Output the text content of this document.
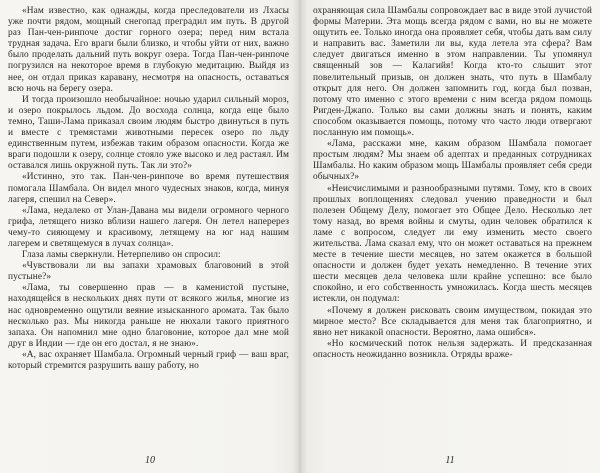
«Нам известно, как однажды, когда преследователи из Лхасы уже почти рядом, мощный снегопад преградил им путь. В другой раз Пан-чен-ринпоче достиг горного озера; перед ним встала трудная задача. Его враги были близко, и чтобы уйти от них, важно было проделать дальний путь вокруг озера. Тогда Пан-чен-ринпоче погрузился на некоторое время в глубокую медитацию. Выйдя из нее, он отдал приказ каравану, несмотря на опасность, оставаться всю ночь на берегу озера.

И тогда произошло необычайное: ночью ударил сильный мороз, и озеро покрылось льдом. До восхода солнца, когда еще было темно, Таши-Лама приказал своим людям быстро двинуться в путь и вместе с тремястами животными пересек озеро по льду единственным путем, избежав таким образом опасности. Когда же враги подошли к озеру, солнце стояло уже высоко и лед растаял. Им оставался лишь окружной путь. Так ли это?»

«Истинно, это так. Пан-чен-ринпоче во время путешествия помогала Шамбала. Он видел много чудесных знаков, когда, минуя лагеря, спешил на Север».

«Лама, недалеко от Улан-Давана мы видели огромного черного грифа, летящего низко вблизи нашего лагеря. Он летел наперерез чему-то сияющему и красивому, летящему на юг над нашим лагерем и светящемуся в лучах солнца».

Глаза ламы сверкнули. Нетерпеливо он спросил:

«Чувствовали ли вы запахи храмовых благовоний в этой пустыне?»

«Лама, ты совершенно прав — в каменистой пустыне, находящейся в нескольких днях пути от всякого жилья, многие из нас одновременно ощутили веяние изысканного аромата. Так было несколько раз. Мы никогда раньше не нюхали такого приятного запаха. Он напомнил мне одно благовоние, которое дал мне мой друг в Индии — где он его достал, я не знаю».

«А, вас охраняет Шамбала. Огромный черный гриф — ваш враг, который стремится разрушить вашу работу, но

10

охраняющая сила Шамбалы сопровождает вас в виде этой лучистой формы Материи. Эта мощь всегда рядом с вами, но вы не можете ощутить ее. Только иногда она проявляет себя, чтобы дать вам силу и направить вас. Заметили ли вы, куда летела эта сфера? Вам следует двигаться именно в этом направлении. Ты упомянул священный зов — Калагийя! Когда кто-то слышит этот повелительный призыв, он должен знать, что путь в Шамбалу открыт для него. Он должен запомнить год, когда был позван, потому что именно с этого времени с ним всегда рядом помощь Ригден-Джапо. Только вы сами должны знать и понять, каким способом оказывается помощь, потому что часто люди отвергают посланную им помощь».

«Лама, расскажи мне, каким образом Шамбала помогает простым людям? Мы знаем об адептах и преданных сотрудниках Шамбалы. Но каким образом мощь Шамбалы проявляет себя среди обычных?»

«Неисчислимыми и разнообразными путями. Тому, кто в своих прошлых воплощениях следовал учению праведности и был полезен Общему Делу, помогает это Общее Дело. Несколько лет тому назад, во время войны и смуты, один человек обратился к ламе с вопросом, следует ли ему изменить место своего жительства. Лама сказал ему, что он может оставаться на прежнем месте в течение шести месяцев, но затем окажется в большой опасности и должен будет уехать немедленно. В течение этих шести месяцев дела человека шли крайне успешно: все было спокойно, и его собственность умножилась. Когда шесть месяцев истекли, он подумал:

«Почему я должен рисковать своим имуществом, покидая это мирное место? Все складывается для меня так благоприятно, и явно нет никакой опасности. Вероятно, лама ошибся».

«Но космический поток нельзя задержать. И предсказанная опасность неожиданно возникла. Отряды враже-

11
